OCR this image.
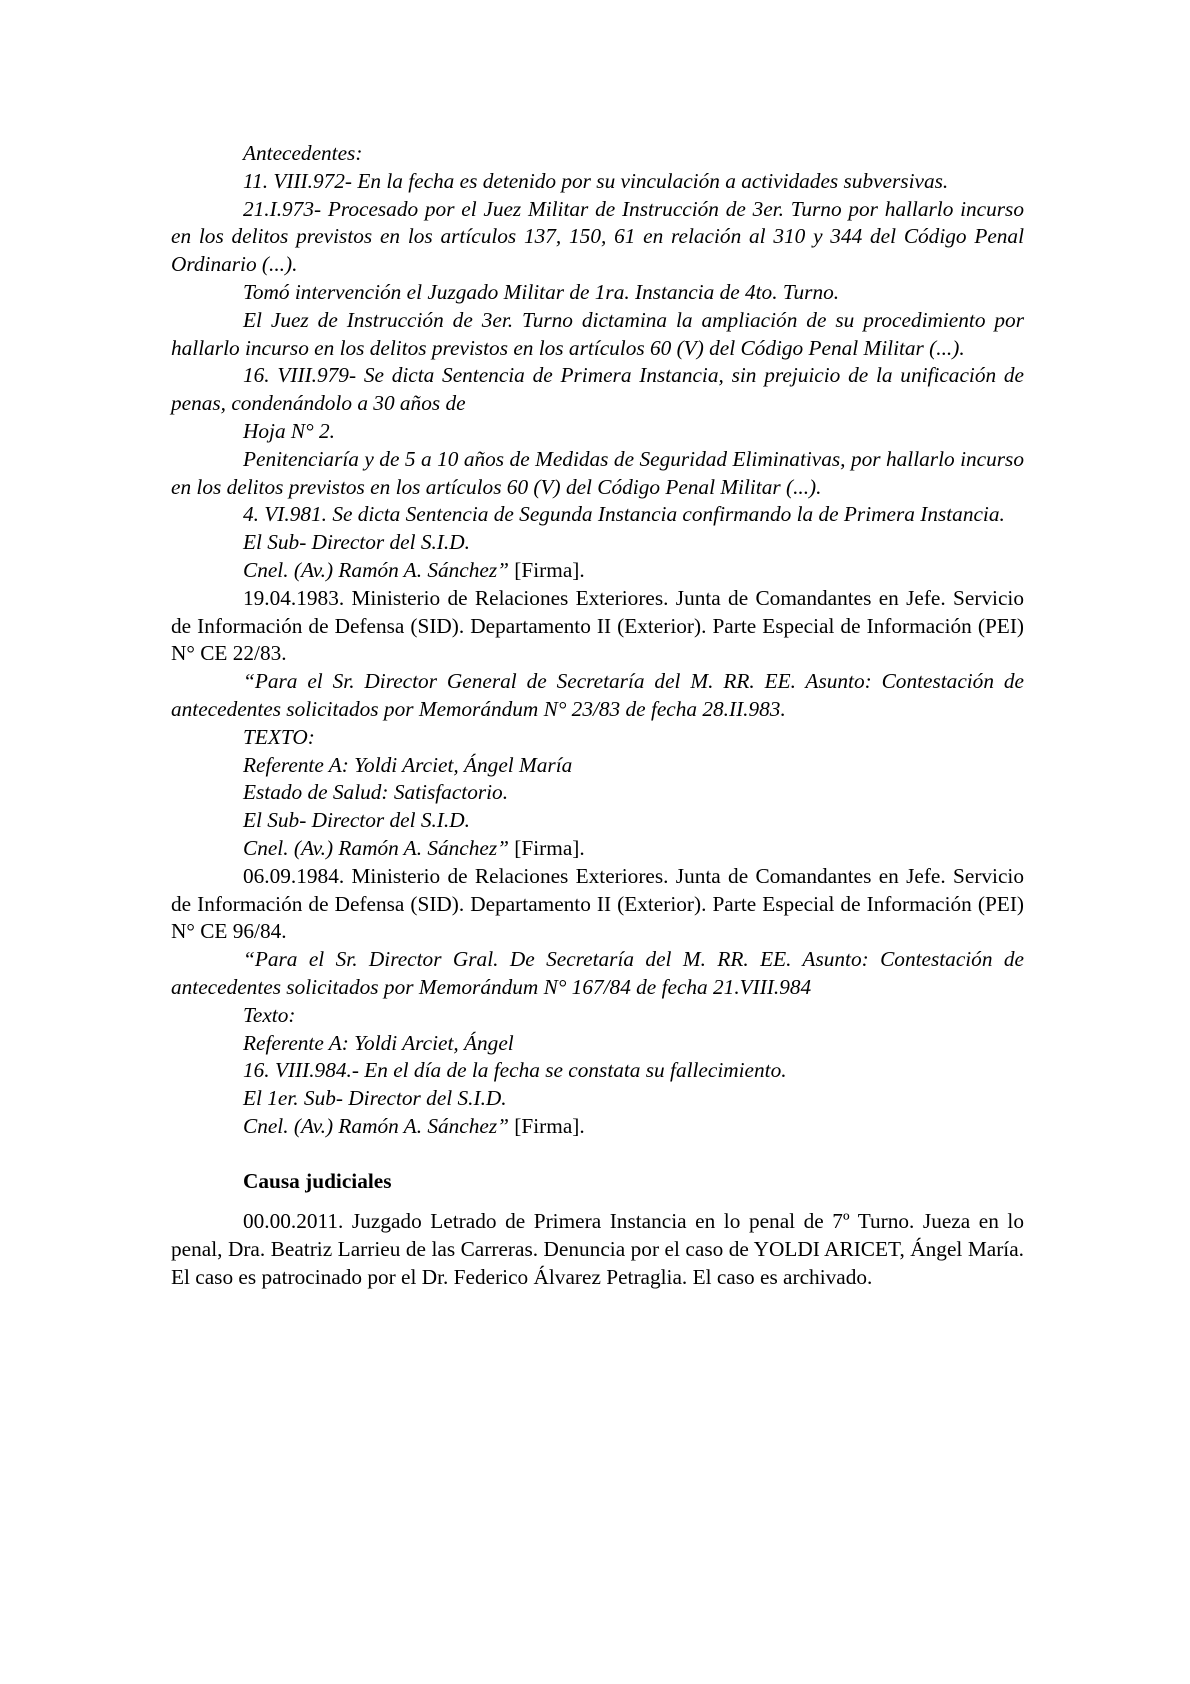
Antecedentes:

11. VIII.972- En la fecha es detenido por su vinculación a actividades subversivas.

21.I.973- Procesado por el Juez Militar de Instrucción de 3er. Turno por hallarlo incurso en los delitos previstos en los artículos 137, 150, 61 en relación al 310 y 344 del Código Penal Ordinario (...).

Tomó intervención el Juzgado Militar de 1ra. Instancia de 4to. Turno.

El Juez de Instrucción de 3er. Turno dictamina la ampliación de su procedimiento por hallarlo incurso en los delitos previstos en los artículos 60 (V) del Código Penal Militar (...).

16. VIII.979- Se dicta Sentencia de Primera Instancia, sin prejuicio de la unificación de penas, condenándolo a 30 años de

Hoja N° 2.

Penitenciaría y de 5 a 10 años de Medidas de Seguridad Eliminativas, por hallarlo incurso en los delitos previstos en los artículos 60 (V) del Código Penal Militar (...).

4. VI.981. Se dicta Sentencia de Segunda Instancia confirmando la de Primera Instancia.

El Sub- Director del S.I.D.

Cnel. (Av.) Ramón A. Sánchez” [Firma].

19.04.1983. Ministerio de Relaciones Exteriores. Junta de Comandantes en Jefe. Servicio de Información de Defensa (SID). Departamento II (Exterior). Parte Especial de Información (PEI) N° CE 22/83.

“Para el Sr. Director General de Secretaría del M. RR. EE. Asunto: Contestación de antecedentes solicitados por Memorándum N° 23/83 de fecha 28.II.983.

TEXTO:

Referente A: Yoldi Arciet, Ángel María

Estado de Salud: Satisfactorio.

El Sub- Director del S.I.D.

Cnel. (Av.) Ramón A. Sánchez” [Firma].

06.09.1984. Ministerio de Relaciones Exteriores. Junta de Comandantes en Jefe. Servicio de Información de Defensa (SID). Departamento II (Exterior). Parte Especial de Información (PEI) N° CE 96/84.

“Para el Sr. Director Gral. De Secretaría del M. RR. EE. Asunto: Contestación de antecedentes solicitados por Memorándum N° 167/84 de fecha 21.VIII.984

Texto:

Referente A: Yoldi Arciet, Ángel

16. VIII.984.- En el día de la fecha se constata su fallecimiento.

El 1er. Sub- Director del S.I.D.

Cnel. (Av.) Ramón A. Sánchez” [Firma].

Causa judiciales

00.00.2011. Juzgado Letrado de Primera Instancia en lo penal de 7º Turno. Jueza en lo penal, Dra. Beatriz Larrieu de las Carreras. Denuncia por el caso de YOLDI ARICET, Ángel María. El caso es patrocinado por el Dr. Federico Álvarez Petraglia. El caso es archivado.
